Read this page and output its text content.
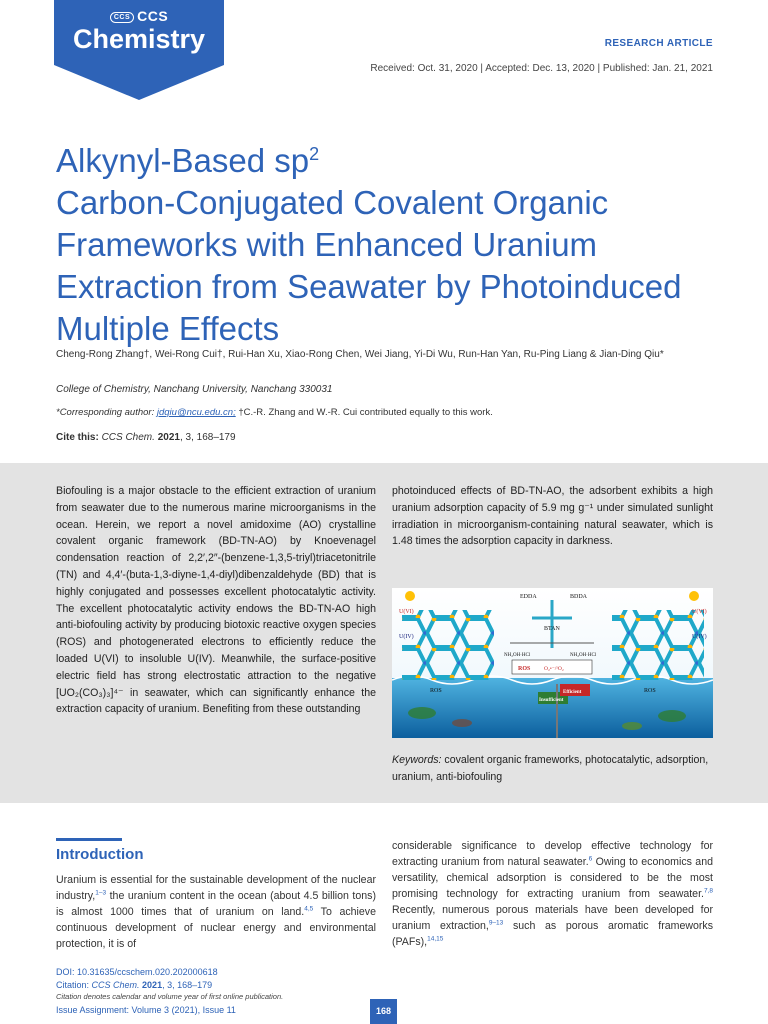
CCS CCS
Chemistry	RESEARCH ARTICLE
Received: Oct. 31, 2020 | Accepted: Dec. 13, 2020 | Published: Jan. 21, 2021
Alkynyl-Based $sp^2$
Carbon-Conjugated Covalent Organic Frameworks with Enhanced Uranium Extraction from Seawater by Photoinduced Multiple Effects
Cheng-Rong Zhang†, Wei-Rong Cui†, Rui-Han Xu, Xiao-Rong Chen, Wei Jiang, Yi-Di Wu, Run-Han Yan, Ru-Ping Liang & Jian-Ding Qiu*
College of Chemistry, Nanchang University, Nanchang 330031
*Corresponding author: jdqiu@ncu.edu.cn; †C.-R. Zhang and W.-R. Cui contributed equally to this work.
Cite this: CCS Chem. 2021, 3, 168–179
Biofouling is a major obstacle to the efficient extraction of uranium from seawater due to the numerous marine microorganisms in the ocean. Herein, we report a novel amidoxime (AO) crystalline covalent organic framework (BD-TN-AO) by Knoevenagel condensation reaction of 2,2′,2″-(benzene-1,3,5-triyl)triacetonitrile (TN) and 4,4′-(buta-1,3-diyne-1,4-diyl)dibenzaldehyde (BD) that is highly conjugated and possesses excellent photocatalytic activity. The excellent photocatalytic activity endows the BD-TN-AO high anti-biofouling activity by producing biotoxic reactive oxygen species (ROS) and photogenerated electrons to efficiently reduce the loaded U(VI) to insoluble U(IV). Meanwhile, the surface-positive electric field has strong electrostatic attraction to the negative [UO₂(CO₃)₃]⁴⁻ in seawater, which can significantly enhance the extraction capacity of uranium. Benefiting from these outstanding
photoinduced effects of BD-TN-AO, the adsorbent exhibits a high uranium adsorption capacity of 5.9 mg g⁻¹ under simulated sunlight irradiation in microorganism-containing natural seawater, which is 1.48 times the adsorption capacity in darkness.
U(VI)
U(IV)
EDDA	BDDA
BTAN
NH₂OH·HCl	NH₂OH·HCl
ROS O₂•⁻/¹O₂
U(VI)
U(IV)
ROS	ROS
Insufficient
Efficient
Keywords: covalent organic frameworks, photocatalytic, adsorption, uranium, anti-biofouling
Introduction
Uranium is essential for the sustainable development of the nuclear industry,$^{1-3}$ the uranium content in the ocean (about 4.5 billion tons) is almost 1000 times that of uranium on land.$^{4,5}$ To achieve continuous development of nuclear energy and environmental protection, it is of
considerable significance to develop effective technology for extracting uranium from natural seawater.$^6$ Owing to economics and versatility, chemical adsorption is considered to be the most promising technology for extracting uranium from seawater.$^{7,8}$ Recently, numerous porous materials have been developed for uranium extraction,$^{9-13}$ such as porous aromatic frameworks (PAFs),$^{14,15}$
DOI: 10.31635/ccschem.020.202000618
Citation: CCS Chem. 2021, 3, 168–179
Citation denotes calendar and volume year of first online publication.
Issue Assignment: Volume 3 (2021), Issue 11	168
